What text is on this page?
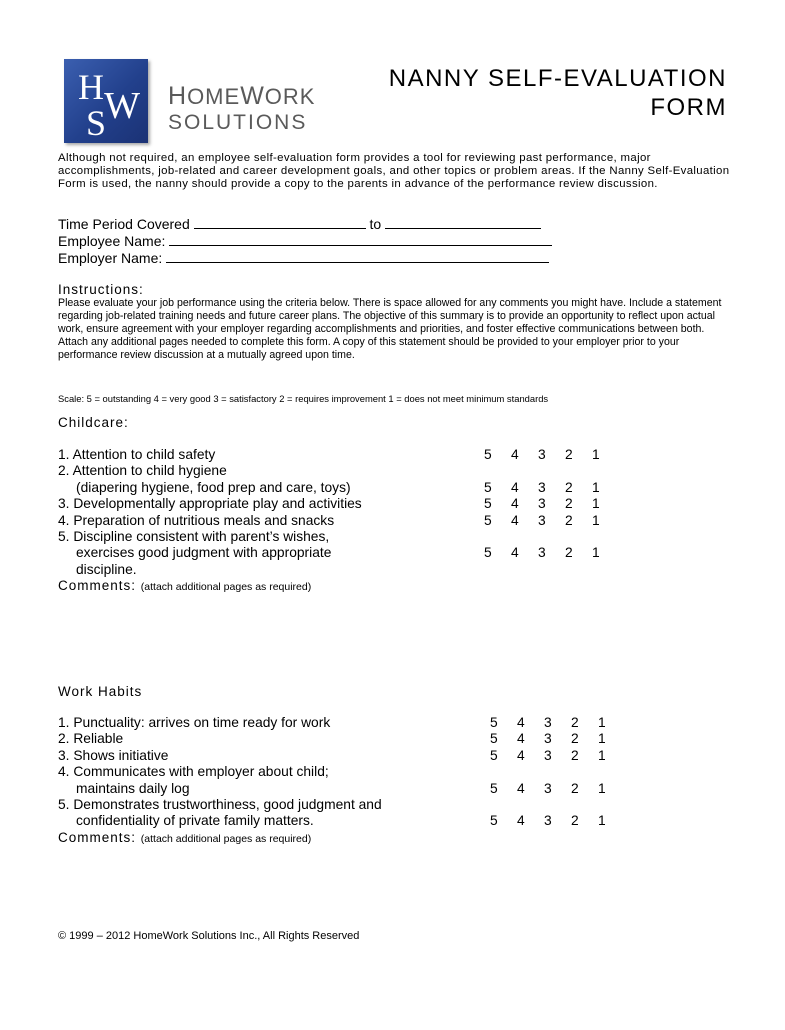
H
S
W HOMEWORK
SOLUTIONS
NANNY SELF-EVALUATION
FORM
Although not required, an employee self-evaluation form provides a tool for reviewing past performance, major accomplishments, job-related and career development goals, and other topics or problem areas. If the Nanny Self-Evaluation Form is used, the nanny should provide a copy to the parents in advance of the performance review discussion.
Time Period Covered	to
Employee Name:
Employer Name:
Instructions:
Please evaluate your job performance using the criteria below. There is space allowed for any comments you might have. Include a statement regarding job-related training needs and future career plans. The objective of this summary is to provide an opportunity to reflect upon actual work, ensure agreement with your employer regarding accomplishments and priorities, and foster effective communications between both. Attach any additional pages needed to complete this form. A copy of this statement should be provided to your employer prior to your performance review discussion at a mutually agreed upon time.
Scale: 5 = outstanding 4 = very good 3 = satisfactory 2 = requires improvement 1 = does not meet minimum standards
Childcare:
1. Attention to child safety	5 4 3 2 1
2. Attention to child hygiene
(diapering hygiene, food prep and care, toys)	5 4 3 2 1
3. Developmentally appropriate play and activities	5 4 3 2 1
4. Preparation of nutritious meals and snacks	5 4 3 2 1
5. Discipline consistent with parent’s wishes,
exercises good judgment with appropriate	5 4 3 2 1
discipline.
Comments: (attach additional pages as required)
Work Habits
1. Punctuality: arrives on time ready for work	5 4 3 2 1
2. Reliable	5 4 3 2 1
3. Shows initiative	5 4 3 2 1
4. Communicates with employer about child;
maintains daily log	5 4 3 2 1
5. Demonstrates trustworthiness, good judgment and
confidentiality of private family matters.	5 4 3 2 1
Comments: (attach additional pages as required)
© 1999 – 2012 HomeWork Solutions Inc., All Rights Reserved
